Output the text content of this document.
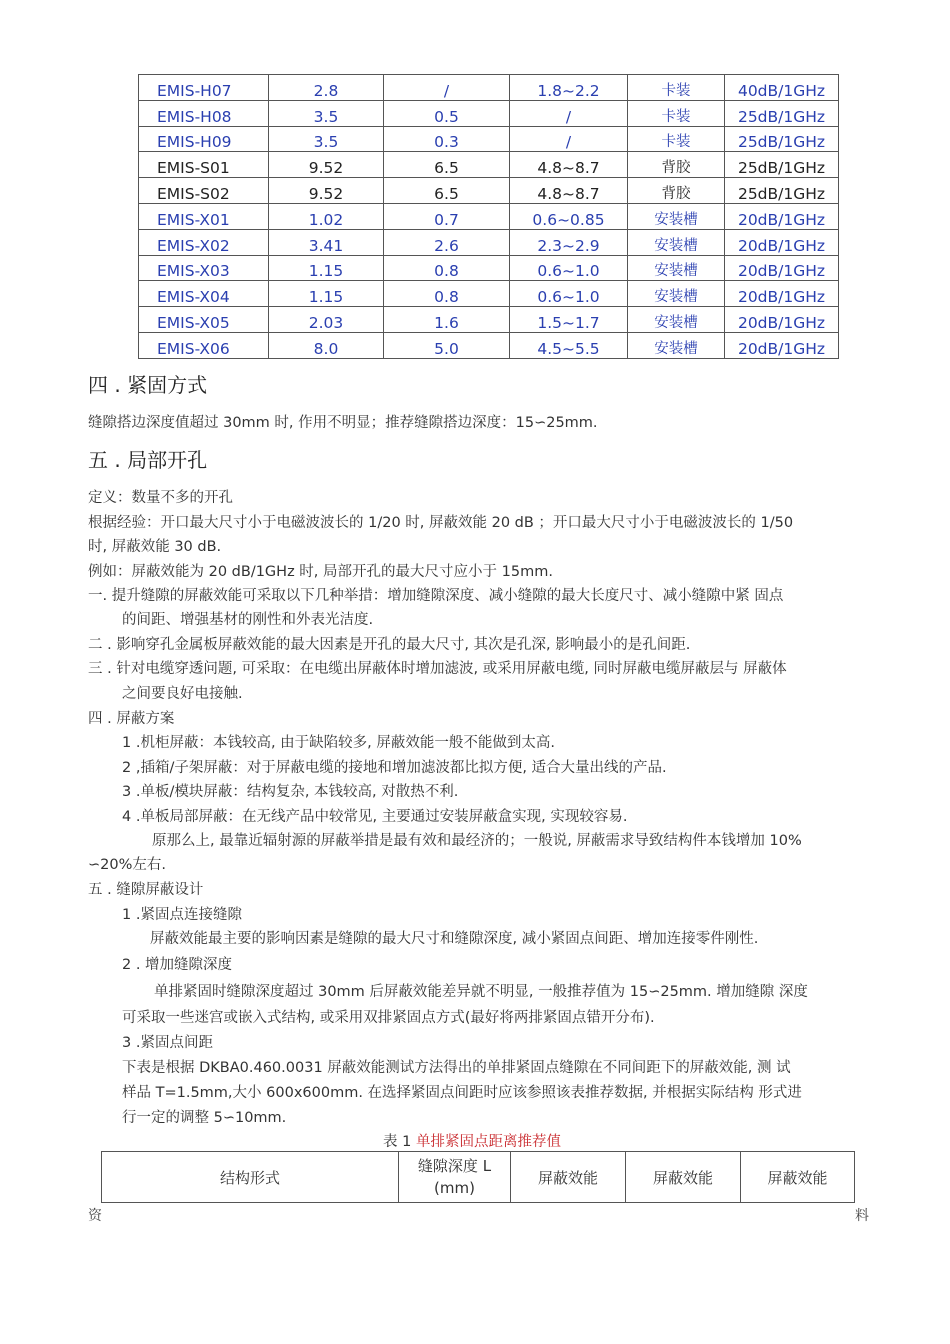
EMIS-H07	2.8	/	1.8~2.2	卡装	40dB/1GHz
EMIS-H08	3.5	0.5	/	卡装	25dB/1GHz
EMIS-H09	3.5	0.3	/	卡装	25dB/1GHz
EMIS-S01	9.52	6.5	4.8~8.7	背胶	25dB/1GHz
EMIS-S02	9.52	6.5	4.8~8.7	背胶	25dB/1GHz
EMIS-X01	1.02	0.7	0.6~0.85	安装槽	20dB/1GHz
EMIS-X02	3.41	2.6	2.3~2.9	安装槽	20dB/1GHz
EMIS-X03	1.15	0.8	0.6~1.0	安装槽	20dB/1GHz
EMIS-X04	1.15	0.8	0.6~1.0	安装槽	20dB/1GHz
EMIS-X05	2.03	1.6	1.5~1.7	安装槽	20dB/1GHz
EMIS-X06	8.0	5.0	4.5~5.5	安装槽	20dB/1GHz
四 . 紧固方式
缝隙搭边深度值超过 30mm 时, 作用不明显；推荐缝隙搭边深度：15∽25mm.
五 . 局部开孔
定义：数量不多的开孔
根据经验：开口最大尺寸小于电磁波波长的 1/20 时, 屏蔽效能 20 dB ；开口最大尺寸小于电磁波波长的 1/50
时, 屏蔽效能 30 dB.
例如：屏蔽效能为 20 dB/1GHz 时, 局部开孔的最大尺寸应小于 15mm.
一. 提升缝隙的屏蔽效能可采取以下几种举措：增加缝隙深度、减小缝隙的最大长度尺寸、减小缝隙中紧 固点
的间距、增强基材的刚性和外表光洁度.
二 . 影响穿孔金属板屏蔽效能的最大因素是开孔的最大尺寸, 其次是孔深, 影响最小的是孔间距.
三 . 针对电缆穿透问题, 可采取：在电缆出屏蔽体时增加滤波, 或采用屏蔽电缆, 同时屏蔽电缆屏蔽层与 屏蔽体
之间要良好电接触.
四 . 屏蔽方案
1 .机柜屏蔽：本钱较高, 由于缺陷较多, 屏蔽效能一般不能做到太高.
2 ,插箱/子架屏蔽：对于屏蔽电缆的接地和增加滤波都比拟方便, 适合大量出线的产品.
3 .单板/模块屏蔽：结构复杂, 本钱较高, 对散热不利.
4 .单板局部屏蔽：在无线产品中较常见, 主要通过安装屏蔽盒实现, 实现较容易.
原那么上, 最靠近辐射源的屏蔽举措是最有效和最经济的；一般说, 屏蔽需求导致结构件本钱增加 10%
∽20%左右.
五 . 缝隙屏蔽设计
1 .紧固点连接缝隙
屏蔽效能最主要的影响因素是缝隙的最大尺寸和缝隙深度, 减小紧固点间距、增加连接零件刚性.
2 . 增加缝隙深度
单排紧固时缝隙深度超过 30mm 后屏蔽效能差异就不明显, 一般推荐值为 15∽25mm. 增加缝隙 深度
可采取一些迷宫或嵌入式结构, 或采用双排紧固点方式(最好将两排紧固点错开分布).
3 .紧固点间距
下表是根据 DKBA0.460.0031 屏蔽效能测试方法得出的单排紧固点缝隙在不同间距下的屏蔽效能, 测 试
样品 T=1.5mm,大小 600x600mm. 在选择紧固点间距时应该参照该表推荐数据, 并根据实际结构 形式进
行一定的调整 5∽10mm.
表 1 单排紧固点距离推荐值
结构形式	缝隙深度 L
(mm)	屏蔽效能	屏蔽效能	屏蔽效能
资	料
